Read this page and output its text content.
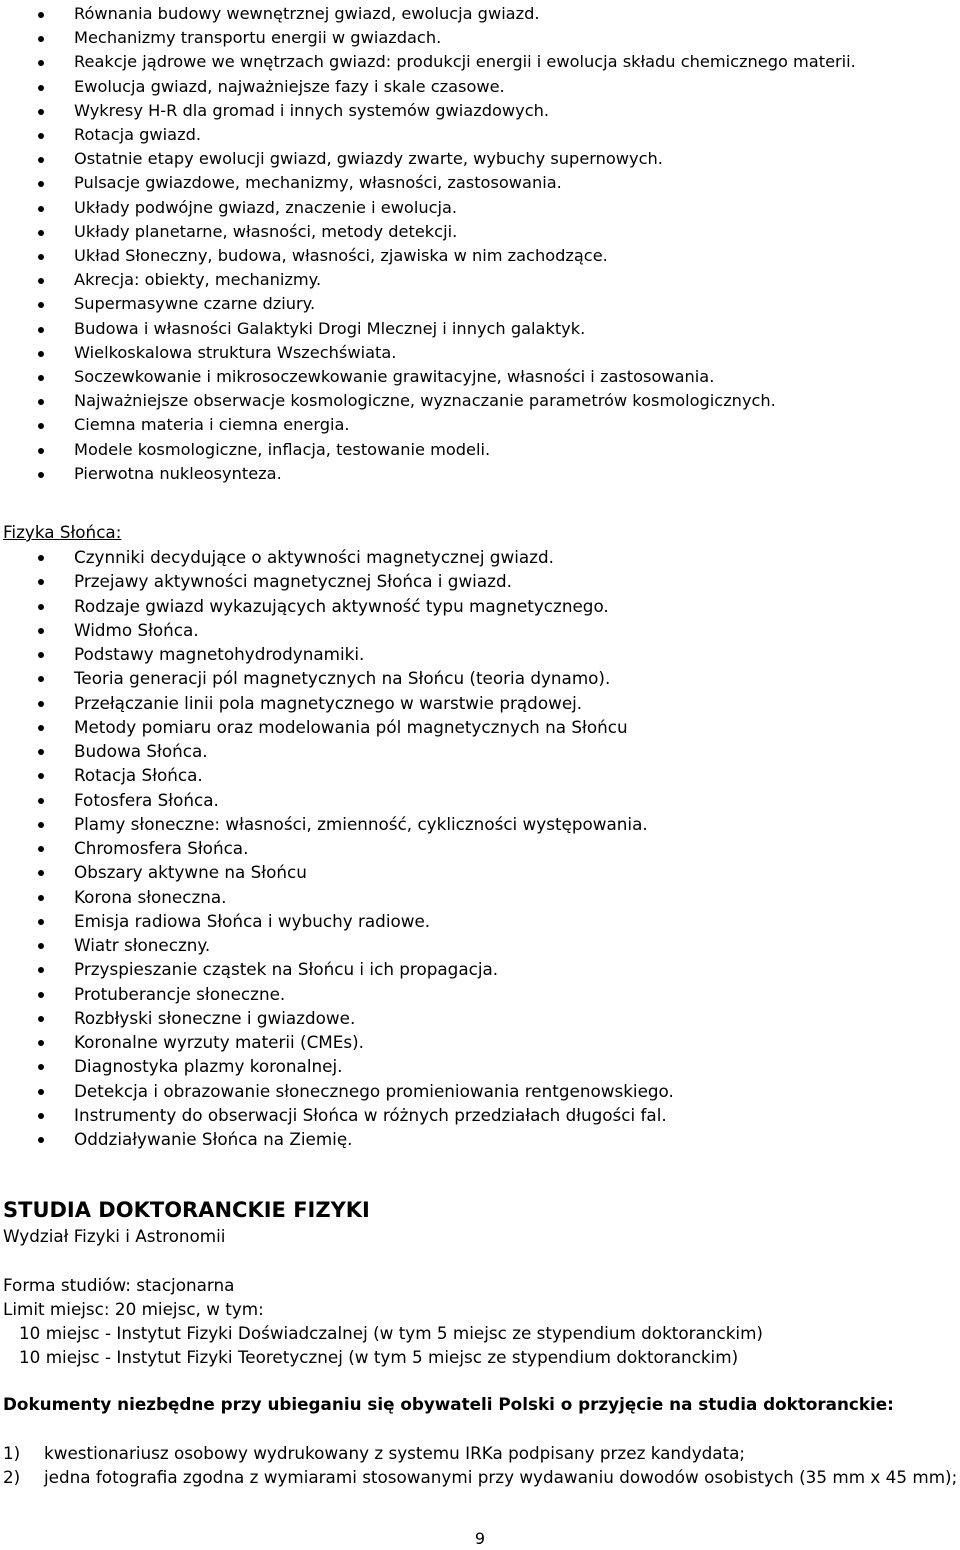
Równania budowy wewnętrznej gwiazd, ewolucja gwiazd.
Mechanizmy transportu energii w gwiazdach.
Reakcje jądrowe we wnętrzach gwiazd: produkcji energii i ewolucja składu chemicznego materii.
Ewolucja gwiazd, najważniejsze fazy i skale czasowe.
Wykresy H-R dla gromad i innych systemów gwiazdowych.
Rotacja gwiazd.
Ostatnie etapy ewolucji gwiazd, gwiazdy zwarte, wybuchy supernowych.
Pulsacje gwiazdowe, mechanizmy, własności, zastosowania.
Układy podwójne gwiazd, znaczenie i ewolucja.
Układy planetarne, własności, metody detekcji.
Układ Słoneczny, budowa, własności, zjawiska w nim zachodzące.
Akrecja: obiekty, mechanizmy.
Supermasywne czarne dziury.
Budowa i własności Galaktyki Drogi Mlecznej i innych galaktyk.
Wielkoskalowa struktura Wszechświata.
Soczewkowanie i mikrosoczewkowanie grawitacyjne, własności i zastosowania.
Najważniejsze obserwacje kosmologiczne, wyznaczanie parametrów kosmologicznych.
Ciemna materia i ciemna energia.
Modele kosmologiczne, inflacja, testowanie modeli.
Pierwotna nukleosynteza.
Fizyka Słońca:
Czynniki decydujące o aktywności magnetycznej gwiazd.
Przejawy aktywności magnetycznej Słońca i gwiazd.
Rodzaje gwiazd wykazujących aktywność typu magnetycznego.
Widmo Słońca.
Podstawy magnetohydrodynamiki.
Teoria generacji pól magnetycznych na Słońcu (teoria dynamo).
Przełączanie linii pola magnetycznego w warstwie prądowej.
Metody pomiaru oraz modelowania pól magnetycznych na Słońcu
Budowa Słońca.
Rotacja Słońca.
Fotosfera Słońca.
Plamy słoneczne: własności, zmienność, cykliczności występowania.
Chromosfera Słońca.
Obszary aktywne na Słońcu
Korona słoneczna.
Emisja radiowa Słońca i wybuchy radiowe.
Wiatr słoneczny.
Przyspieszanie cząstek na Słońcu i ich propagacja.
Protuberancje słoneczne.
Rozbłyski słoneczne i gwiazdowe.
Koronalne wyrzuty materii (CMEs).
Diagnostyka plazmy koronalnej.
Detekcja i obrazowanie słonecznego promieniowania rentgenowskiego.
Instrumenty do obserwacji Słońca w różnych przedziałach długości fal.
Oddziaływanie Słońca na Ziemię.
STUDIA DOKTORANCKIE FIZYKI
Wydział Fizyki i Astronomii
Forma studiów: stacjonarna
Limit miejsc: 20 miejsc, w tym:
10 miejsc - Instytut Fizyki Doświadczalnej (w tym 5 miejsc ze stypendium doktoranckim)
10 miejsc - Instytut Fizyki Teoretycznej (w tym 5 miejsc ze stypendium doktoranckim)
Dokumenty niezbędne przy ubieganiu się obywateli Polski o przyjęcie na studia doktoranckie:
1) kwestionariusz osobowy wydrukowany z systemu IRKa podpisany przez kandydata;
2) jedna fotografia zgodna z wymiarami stosowanymi przy wydawaniu dowodów osobistych (35 mm x 45 mm);
9
